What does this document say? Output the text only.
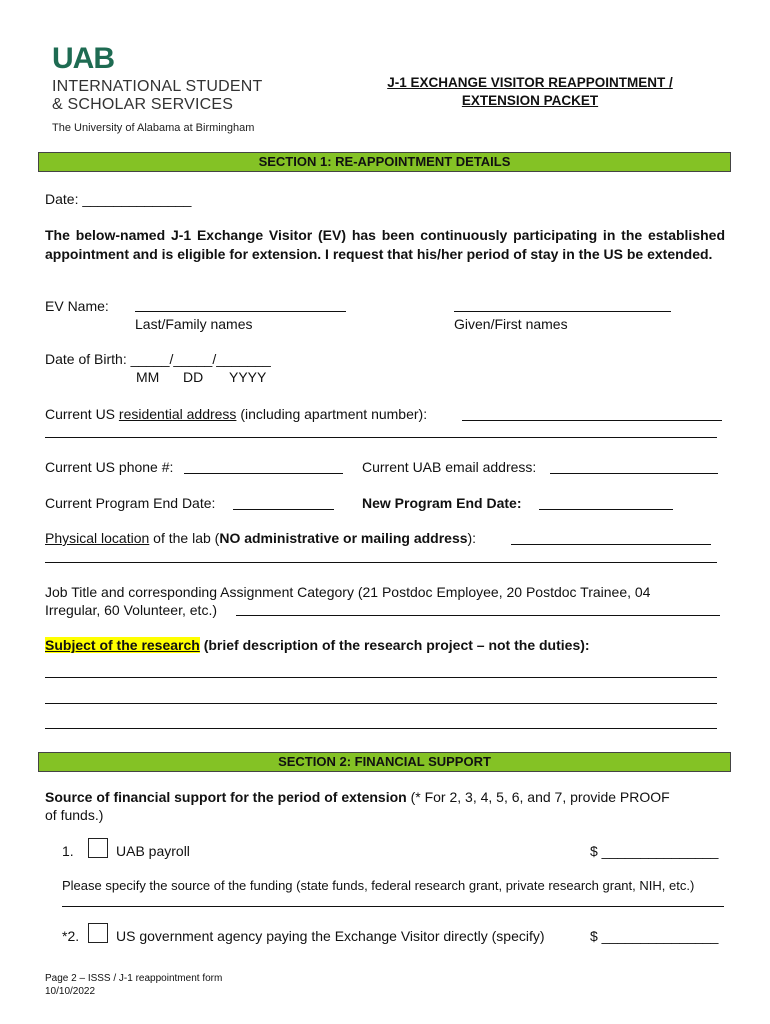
UAB
INTERNATIONAL STUDENT
& SCHOLAR SERVICES
The University of Alabama at Birmingham
J-1 EXCHANGE VISITOR REAPPOINTMENT /
EXTENSION PACKET
SECTION 1: RE-APPOINTMENT DETAILS
Date: ______________
The below-named J-1 Exchange Visitor (EV) has been continuously participating in the established appointment and is eligible for extension. I request that his/her period of stay in the US be extended.
EV Name:
Last/Family names	Given/First names
Date of Birth: _____/_____/_______
MM DD YYYY
Current US residential address (including apartment number):
Current US phone #:	Current UAB email address:
Current Program End Date:	New Program End Date:
Physical location of the lab (NO administrative or mailing address):
Job Title and corresponding Assignment Category (21 Postdoc Employee, 20 Postdoc Trainee, 04
Irregular, 60 Volunteer, etc.)
Subject of the research (brief description of the research project – not the duties):
SECTION 2: FINANCIAL SUPPORT
Source of financial support for the period of extension (* For 2, 3, 4, 5, 6, and 7, provide PROOF
of funds.)
1.	UAB payroll	$ _______________
Please specify the source of the funding (state funds, federal research grant, private research grant, NIH, etc.)
*2.	US government agency paying the Exchange Visitor directly (specify)	$ _______________
Page 2 – ISSS / J-1 reappointment form
10/10/2022
